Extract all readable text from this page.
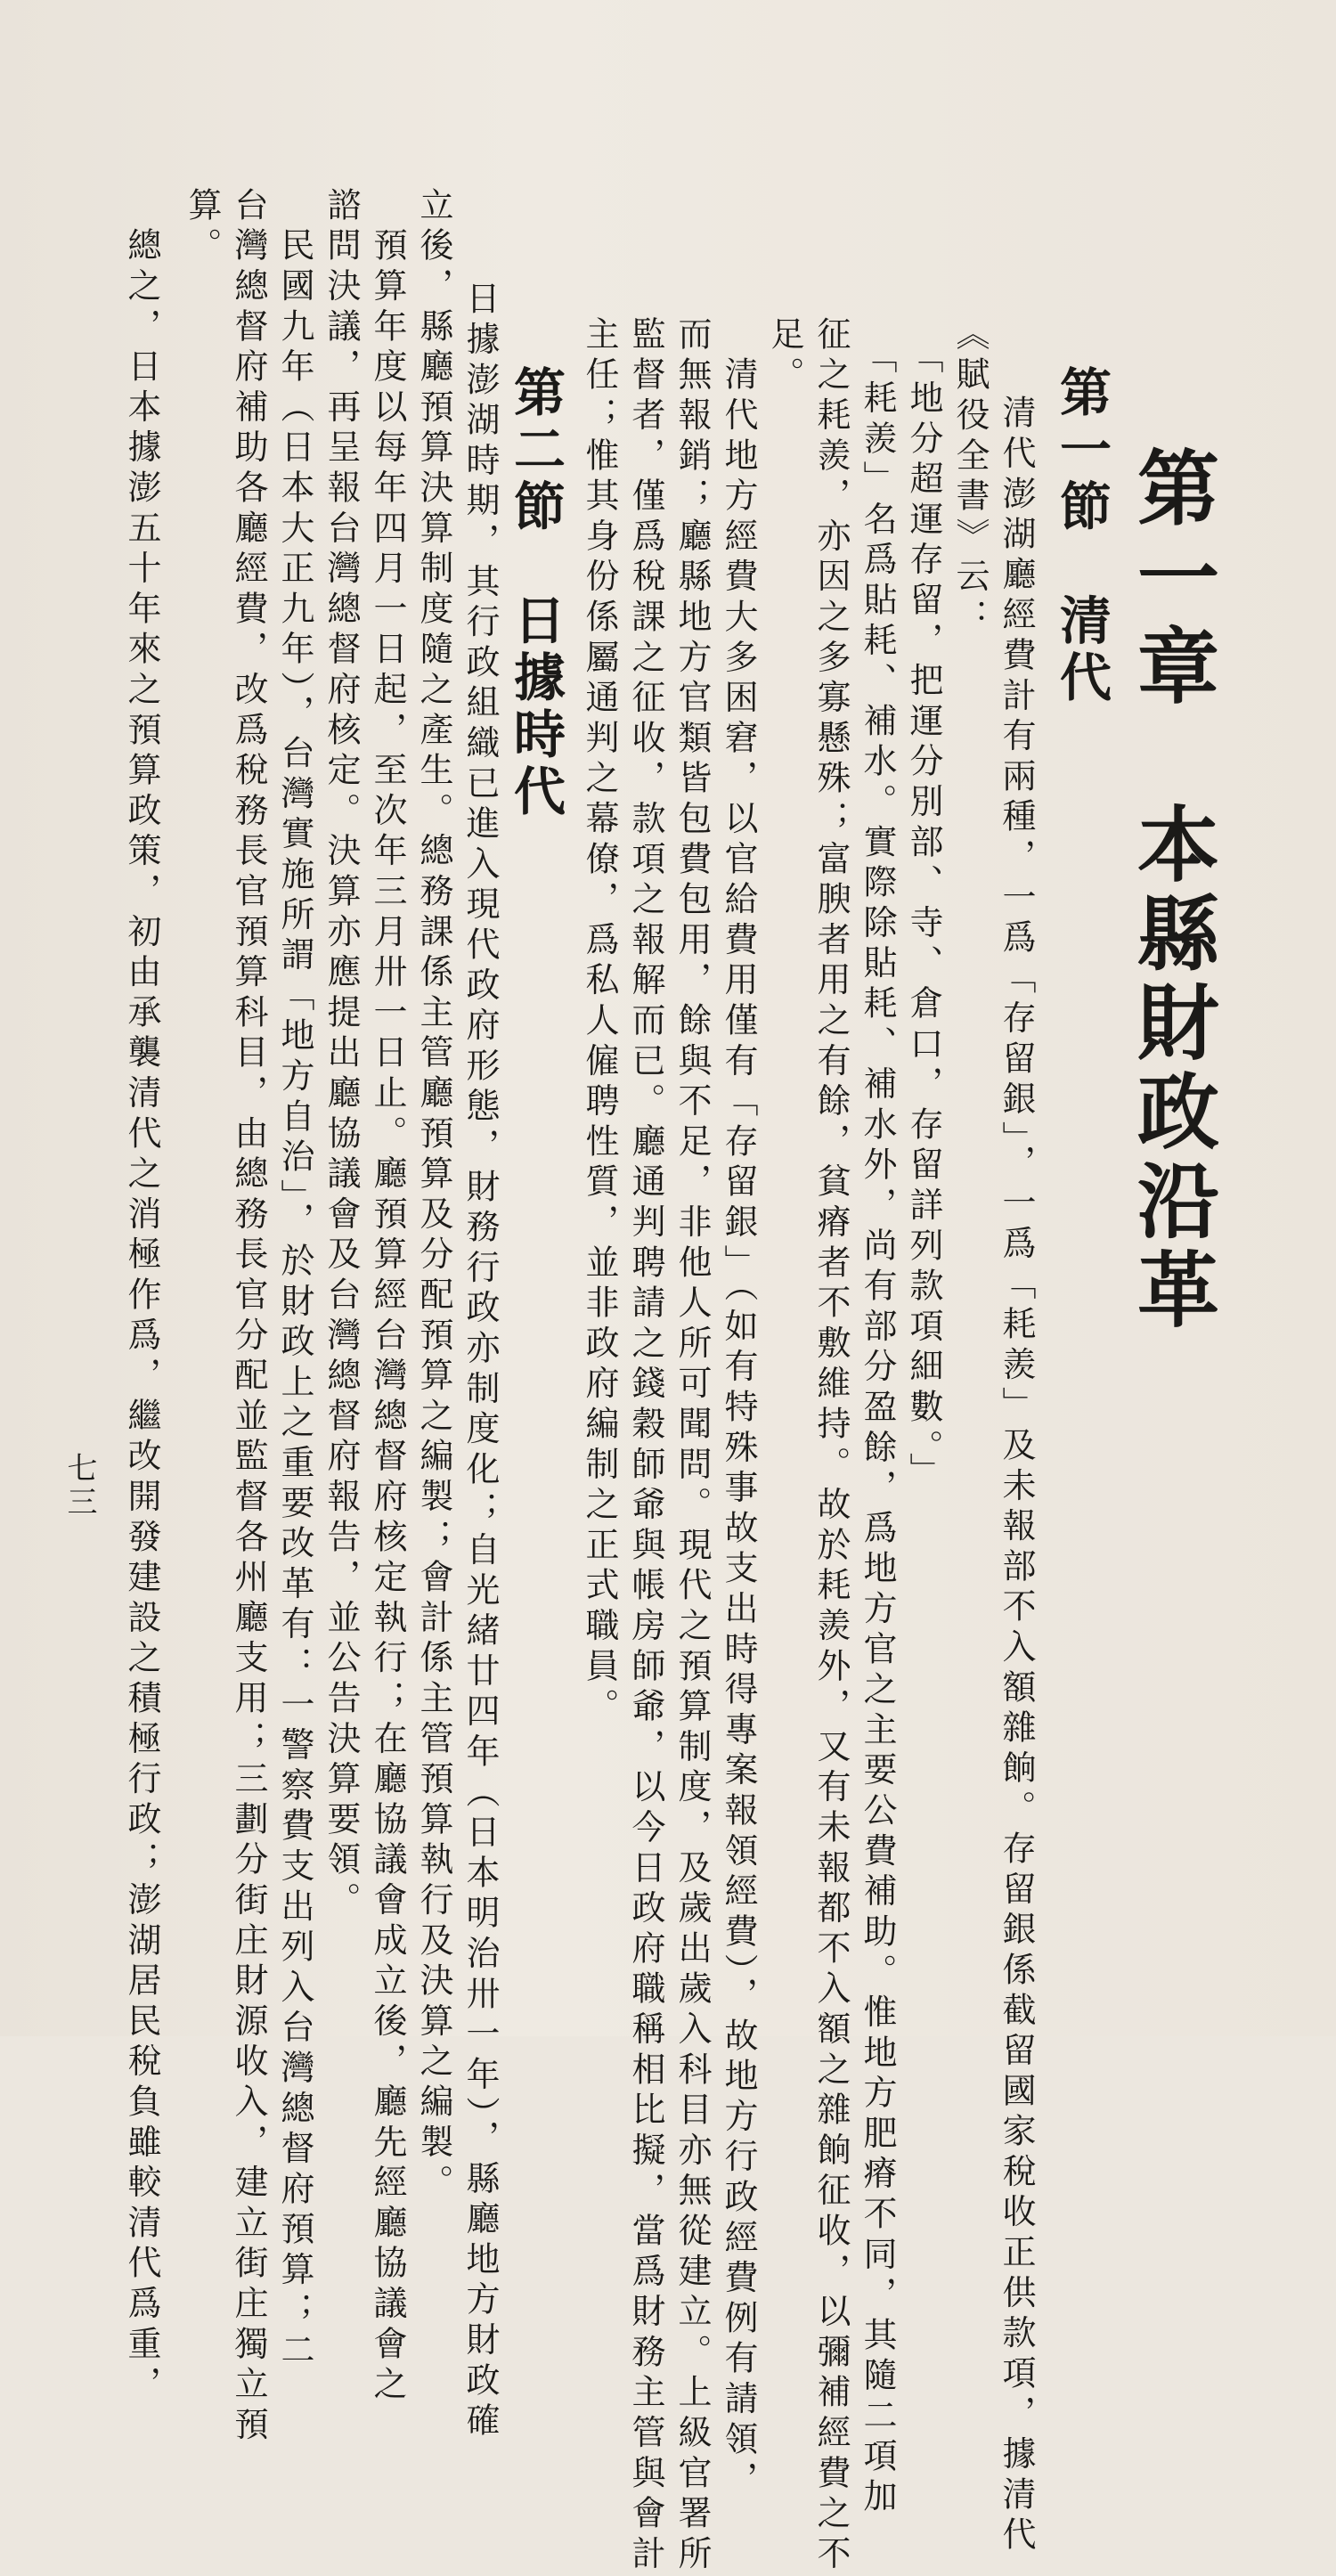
第一章　本縣財政沿革
第一節　清代
　清代澎湖廳經費計有兩種，一爲「存留銀」，一爲「耗羨」及未報部不入額雜餉。存留銀係截留國家稅收正供款項，據清代
《賦役全書》云：
　「地分超運存留，把運分別部、寺、倉口，存留詳列款項細數。」
　「耗羨」名爲貼耗、補水。實際除貼耗、補水外，尚有部分盈餘，爲地方官之主要公費補助。惟地方肥瘠不同，其隨二項加
征之耗羨，亦因之多寡懸殊；富腴者用之有餘，貧瘠者不敷維持。故於耗羨外，又有未報都不入額之雜餉征收，以彌補經費之不
足。
　清代地方經費大多困窘，以官給費用僅有「存留銀」（如有特殊事故支出時得專案報領經費），故地方行政經費例有請領，
而無報銷；廳縣地方官類皆包費包用，餘與不足，非他人所可聞問。現代之預算制度，及歲出歲入科目亦無從建立。上級官署所
監督者，僅爲稅課之征收，款項之報解而已。廳通判聘請之錢穀師爺與帳房師爺，以今日政府職稱相比擬，當爲財務主管與會計
主任；惟其身份係屬通判之幕僚，爲私人僱聘性質，並非政府編制之正式職員。
第二節　日據時代
　日據澎湖時期，其行政組織已進入現代政府形態，財務行政亦制度化；自光緒廿四年（日本明治卅一年），縣廳地方財政確
立後，縣廳預算決算制度隨之產生。總務課係主管廳預算及分配預算之編製；會計係主管預算執行及決算之編製。
　預算年度以每年四月一日起，至次年三月卅一日止。廳預算經台灣總督府核定執行；在廳協議會成立後，廳先經廳協議會之
諮問決議，再呈報台灣總督府核定。決算亦應提出廳協議會及台灣總督府報告，並公告決算要領。
　民國九年（日本大正九年），台灣實施所謂「地方自治」，於財政上之重要改革有：一警察費支出列入台灣總督府預算；二
台灣總督府補助各廳經費，改爲稅務長官預算科目，由總務長官分配並監督各州廳支用；三劃分街庄財源收入，建立街庄獨立預
算。
　總之，日本據澎五十年來之預算政策，初由承襲清代之消極作爲，繼改開發建設之積極行政；澎湖居民稅負雖較清代爲重，
七三
